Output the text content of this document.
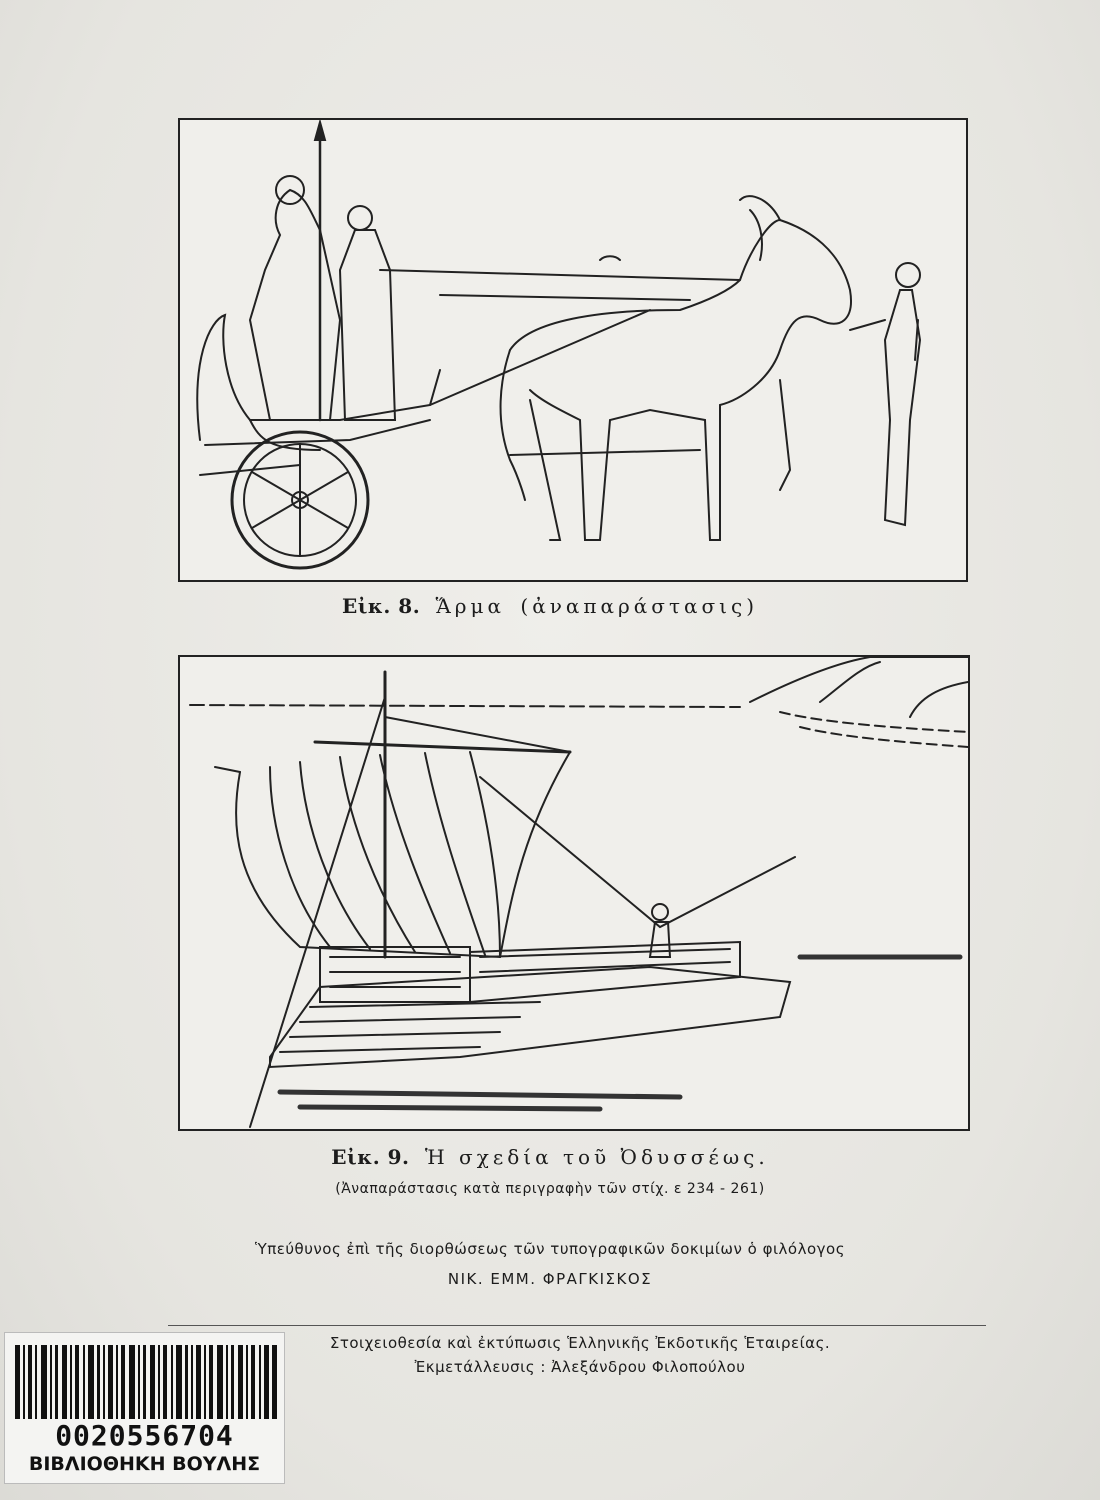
Εἰκ. 8. Ἅρμα (ἀναπαράστασις)
Εἰκ. 9. Ἡ σχεδία τοῦ Ὀδυσσέως.
(Ἀναπαράστασις κατὰ περιγραφὴν τῶν στίχ. ε 234 - 261)
Ὑπεύθυνος ἐπὶ τῆς διορθώσεως τῶν τυπογραφικῶν δοκιμίων ὁ φιλόλογος
ΝΙΚ. ΕΜΜ. ΦΡΑΓΚΙΣΚΟΣ
Στοιχειοθεσία καὶ ἐκτύπωσις Ἑλληνικῆς Ἐκδοτικῆς Ἑταιρείας.
Ἐκμετάλλευσις : Ἀλεξάνδρου Φιλοπούλου
0020556704
ΒΙΒΛΙΟΘΗΚΗ ΒΟΥΛΗΣ
